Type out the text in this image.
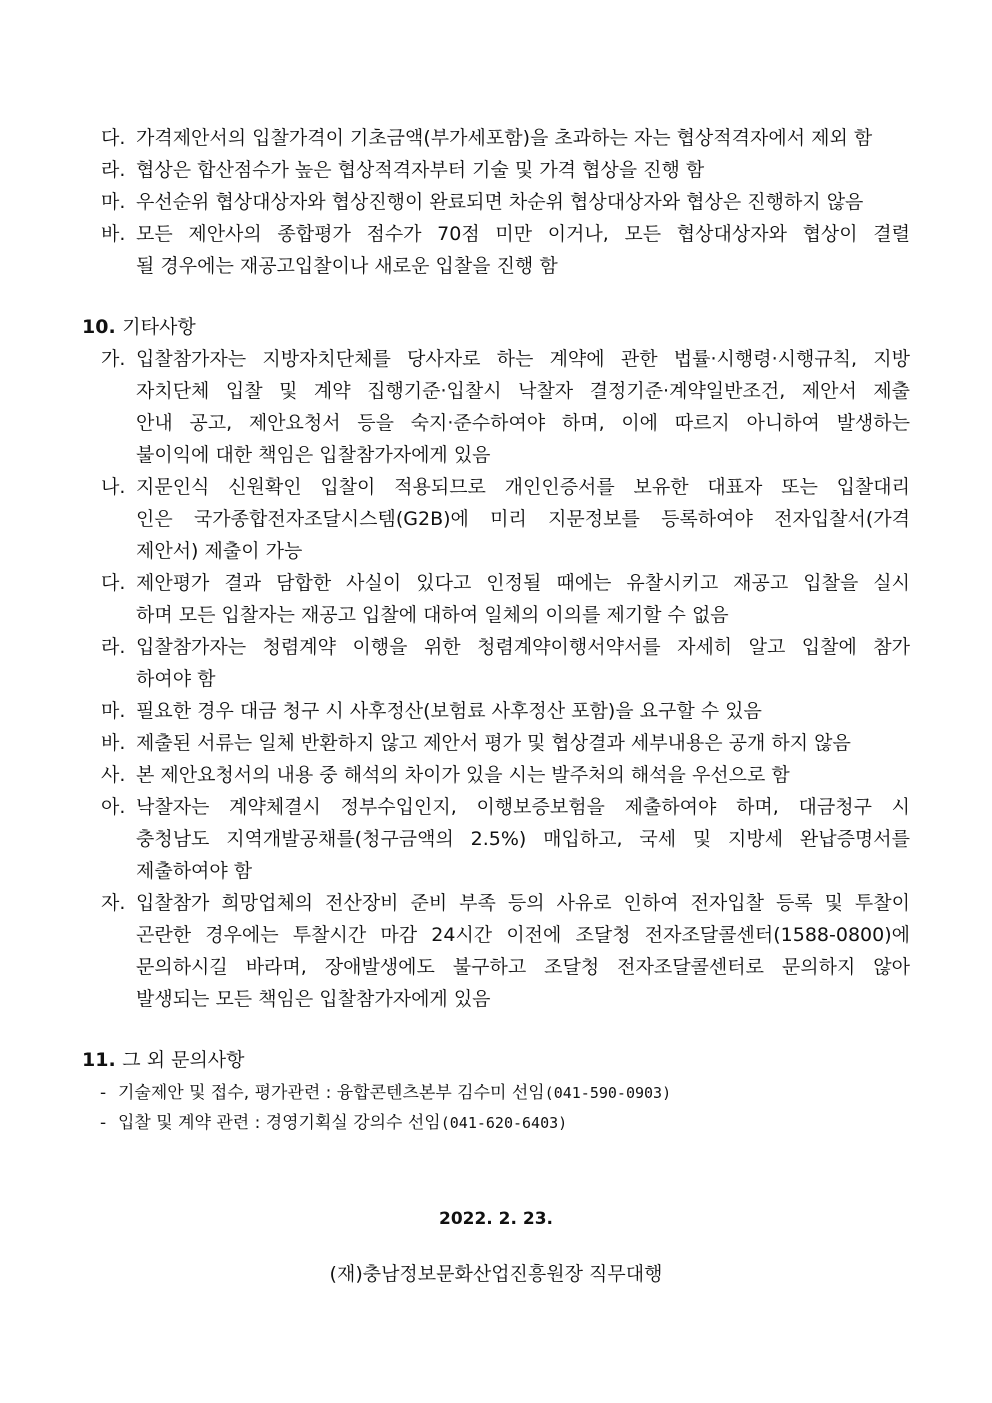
다. 가격제안서의 입찰가격이 기초금액(부가세포함)을 초과하는 자는 협상적격자에서 제외 함
라. 협상은 합산점수가 높은 협상적격자부터 기술 및 가격 협상을 진행 함
마. 우선순위 협상대상자와 협상진행이 완료되면 차순위 협상대상자와 협상은 진행하지 않음
바. 모든 제안사의 종합평가 점수가 70점 미만 이거나, 모든 협상대상자와 협상이 결렬
될 경우에는 재공고입찰이나 새로운 입찰을 진행 함
10. 기타사항
가. 입찰참가자는 지방자치단체를 당사자로 하는 계약에 관한 법률·시행령·시행규칙, 지방
자치단체 입찰 및 계약 집행기준·입찰시 낙찰자 결정기준·계약일반조건, 제안서 제출
안내 공고, 제안요청서 등을 숙지·준수하여야 하며, 이에 따르지 아니하여 발생하는
불이익에 대한 책임은 입찰참가자에게 있음
나. 지문인식 신원확인 입찰이 적용되므로 개인인증서를 보유한 대표자 또는 입찰대리
인은 국가종합전자조달시스템(G2B)에 미리 지문정보를 등록하여야 전자입찰서(가격
제안서) 제출이 가능
다. 제안평가 결과 담합한 사실이 있다고 인정될 때에는 유찰시키고 재공고 입찰을 실시
하며 모든 입찰자는 재공고 입찰에 대하여 일체의 이의를 제기할 수 없음
라. 입찰참가자는 청렴계약 이행을 위한 청렴계약이행서약서를 자세히 알고 입찰에 참가
하여야 함
마. 필요한 경우 대금 청구 시 사후정산(보험료 사후정산 포함)을 요구할 수 있음
바. 제출된 서류는 일체 반환하지 않고 제안서 평가 및 협상결과 세부내용은 공개 하지 않음
사. 본 제안요청서의 내용 중 해석의 차이가 있을 시는 발주처의 해석을 우선으로 함
아. 낙찰자는 계약체결시 정부수입인지, 이행보증보험을 제출하여야 하며, 대금청구 시
충청남도 지역개발공채를(청구금액의 2.5%) 매입하고, 국세 및 지방세 완납증명서를
제출하여야 함
자. 입찰참가 희망업체의 전산장비 준비 부족 등의 사유로 인하여 전자입찰 등록 및 투찰이
곤란한 경우에는 투찰시간 마감 24시간 이전에 조달청 전자조달콜센터(1588-0800)에
문의하시길 바라며, 장애발생에도 불구하고 조달청 전자조달콜센터로 문의하지 않아
발생되는 모든 책임은 입찰참가자에게 있음
11. 그 외 문의사항
- 기술제안 및 접수, 평가관련 : 융합콘텐츠본부 김수미 선임(041-590-0903)
- 입찰 및 계약 관련 : 경영기획실 강의수 선임(041-620-6403)
2022. 2. 23.
(재)충남정보문화산업진흥원장 직무대행
